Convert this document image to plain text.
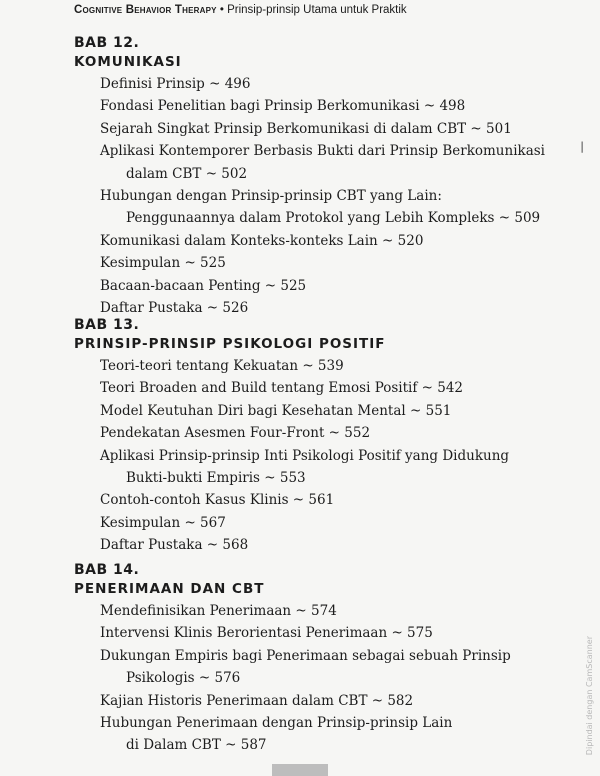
Cognitive Behavior Therapy • Prinsip-prinsip Utama untuk Praktik
BAB 12.
KOMUNIKASI
Definisi Prinsip ~ 496
Fondasi Penelitian bagi Prinsip Berkomunikasi ~ 498
Sejarah Singkat Prinsip Berkomunikasi di dalam CBT ~ 501
Aplikasi Kontemporer Berbasis Bukti dari Prinsip Berkomunikasi
dalam CBT ~ 502
Hubungan dengan Prinsip-prinsip CBT yang Lain:
Penggunaannya dalam Protokol yang Lebih Kompleks ~ 509
Komunikasi dalam Konteks-konteks Lain ~ 520
Kesimpulan ~ 525
Bacaan-bacaan Penting ~ 525
Daftar Pustaka ~ 526
BAB 13.
PRINSIP-PRINSIP PSIKOLOGI POSITIF
Teori-teori tentang Kekuatan ~ 539
Teori Broaden and Build tentang Emosi Positif ~ 542
Model Keutuhan Diri bagi Kesehatan Mental ~ 551
Pendekatan Asesmen Four-Front ~ 552
Aplikasi Prinsip-prinsip Inti Psikologi Positif yang Didukung
Bukti-bukti Empiris ~ 553
Contoh-contoh Kasus Klinis ~ 561
Kesimpulan ~ 567
Daftar Pustaka ~ 568
BAB 14.
PENERIMAAN DAN CBT
Mendefinisikan Penerimaan ~ 574
Intervensi Klinis Berorientasi Penerimaan ~ 575
Dukungan Empiris bagi Penerimaan sebagai sebuah Prinsip
Psikologis ~ 576
Kajian Historis Penerimaan dalam CBT ~ 582
Hubungan Penerimaan dengan Prinsip-prinsip Lain
di Dalam CBT ~ 587
|
Dipindai dengan CamScanner
